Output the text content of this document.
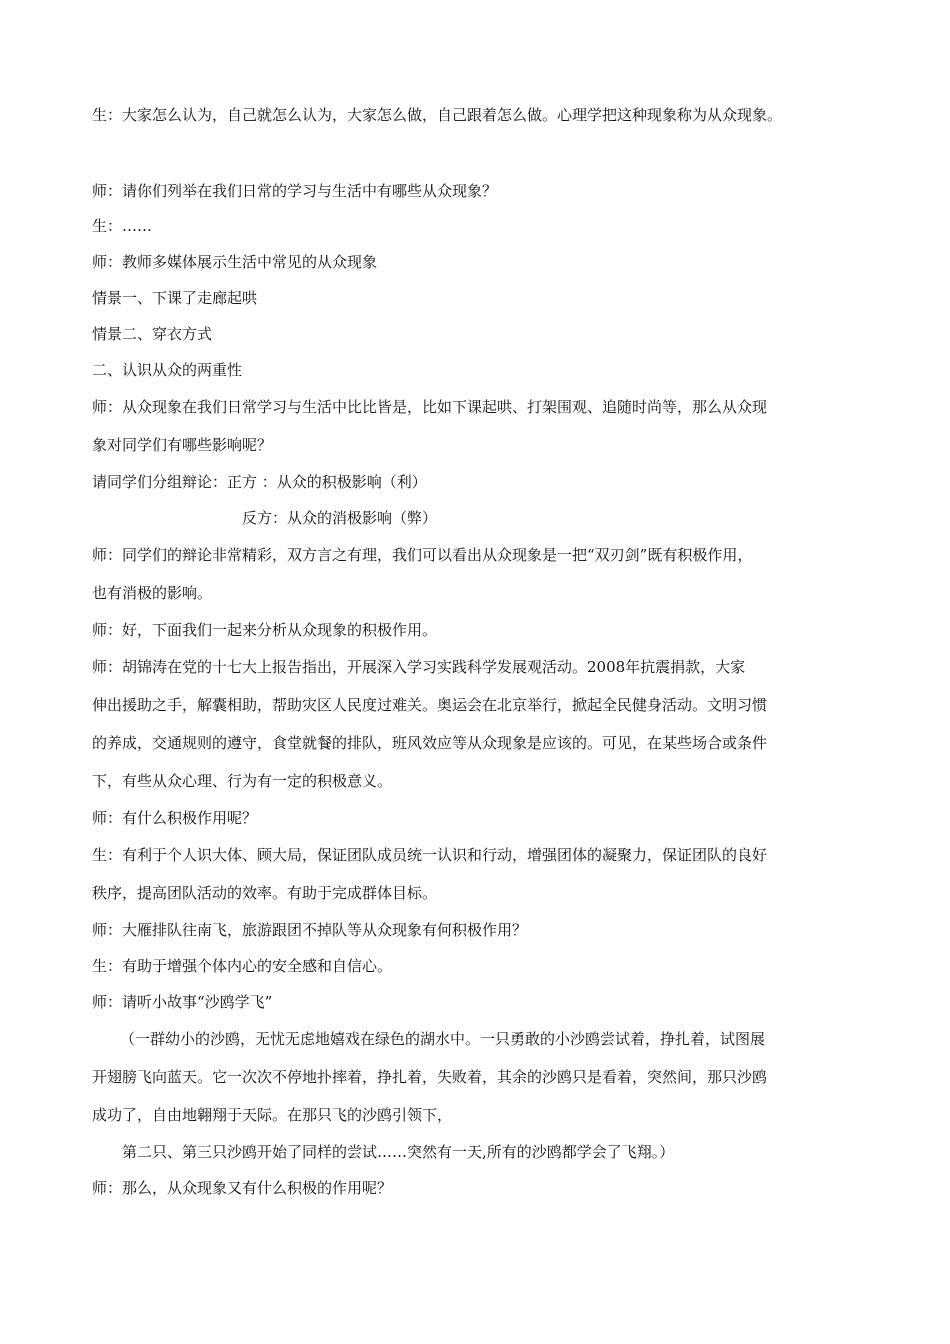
生：大家怎么认为，自己就怎么认为，大家怎么做，自己跟着怎么做。心理学把这种现象称为从众现象。

师：请你们列举在我们日常的学习与生活中有哪些从众现象？

生：……

师：教师多媒体展示生活中常见的从众现象

情景一、下课了走廊起哄

情景二、穿衣方式

二、认识从众的两重性

师：从众现象在我们日常学习与生活中比比皆是，比如下课起哄、打架围观、追随时尚等，那么从众现

象对同学们有哪些影响呢？

请同学们分组辩论：正方 ：从众的积极影响（利）

反方：从众的消极影响（弊）

师：同学们的辩论非常精彩，双方言之有理，我们可以看出从众现象是一把“双刃剑”既有积极作用，

也有消极的影响。

师：好，下面我们一起来分析从众现象的积极作用。

师：胡锦涛在党的十七大上报告指出，开展深入学习实践科学发展观活动。2008年抗震捐款，大家

伸出援助之手，解囊相助，帮助灾区人民度过难关。奥运会在北京举行，掀起全民健身活动。文明习惯

的养成，交通规则的遵守，食堂就餐的排队，班风效应等从众现象是应该的。可见，在某些场合或条件

下，有些从众心理、行为有一定的积极意义。

师：有什么积极作用呢？

生：有利于个人识大体、顾大局，保证团队成员统一认识和行动，增强团体的凝聚力，保证团队的良好

秩序，提高团队活动的效率。有助于完成群体目标。

师：大雁排队往南飞，旅游跟团不掉队等从众现象有何积极作用？

生：有助于增强个体内心的安全感和自信心。

师：请听小故事“沙鸥学飞”

（一群幼小的沙鸥，无忧无虑地嬉戏在绿色的湖水中。一只勇敢的小沙鸥尝试着，挣扎着，试图展

开翅膀飞向蓝天。它一次次不停地扑摔着，挣扎着，失败着，其余的沙鸥只是看着，突然间，那只沙鸥

成功了，自由地翱翔于天际。在那只飞的沙鸥引领下，

第二只、第三只沙鸥开始了同样的尝试……突然有一天,所有的沙鸥都学会了飞翔。）

师：那么，从众现象又有什么积极的作用呢？
